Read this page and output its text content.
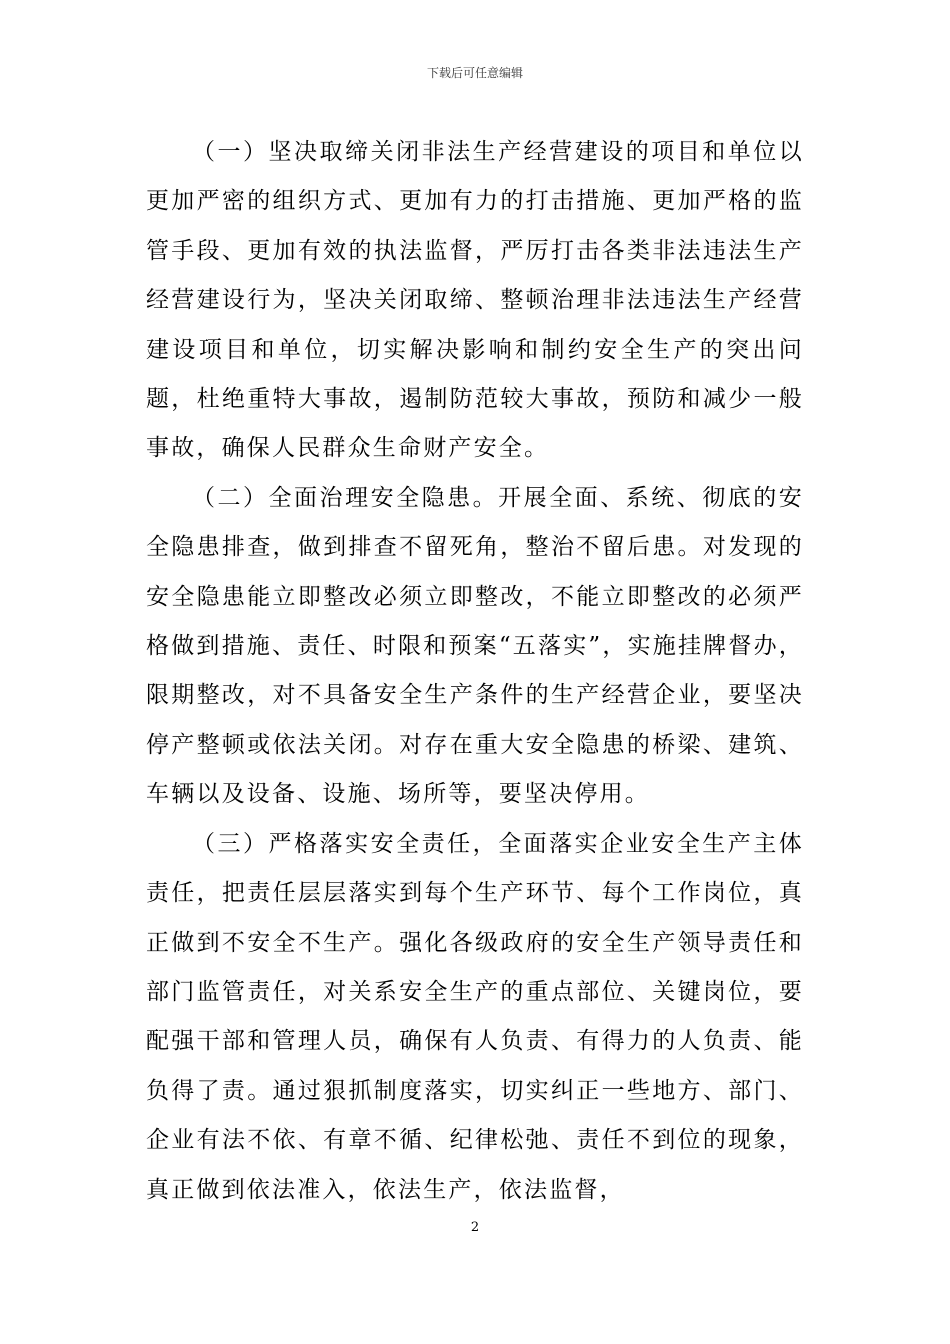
下载后可任意编辑

（一）坚决取缔关闭非法生产经营建设的项目和单位以更加严密的组织方式、更加有力的打击措施、更加严格的监管手段、更加有效的执法监督，严厉打击各类非法违法生产经营建设行为，坚决关闭取缔、整顿治理非法违法生产经营建设项目和单位，切实解决影响和制约安全生产的突出问题，杜绝重特大事故，遏制防范较大事故，预防和减少一般事故，确保人民群众生命财产安全。

（二）全面治理安全隐患。开展全面、系统、彻底的安全隐患排查，做到排查不留死角，整治不留后患。对发现的安全隐患能立即整改必须立即整改，不能立即整改的必须严格做到措施、责任、时限和预案“五落实”，实施挂牌督办，限期整改，对不具备安全生产条件的生产经营企业，要坚决停产整顿或依法关闭。对存在重大安全隐患的桥梁、建筑、车辆以及设备、设施、场所等，要坚决停用。

（三）严格落实安全责任，全面落实企业安全生产主体责任，把责任层层落实到每个生产环节、每个工作岗位，真正做到不安全不生产。强化各级政府的安全生产领导责任和部门监管责任，对关系安全生产的重点部位、关键岗位，要配强干部和管理人员，确保有人负责、有得力的人负责、能负得了责。通过狠抓制度落实，切实纠正一些地方、部门、企业有法不依、有章不循、纪律松弛、责任不到位的现象，真正做到依法准入，依法生产，依法监督，

2
